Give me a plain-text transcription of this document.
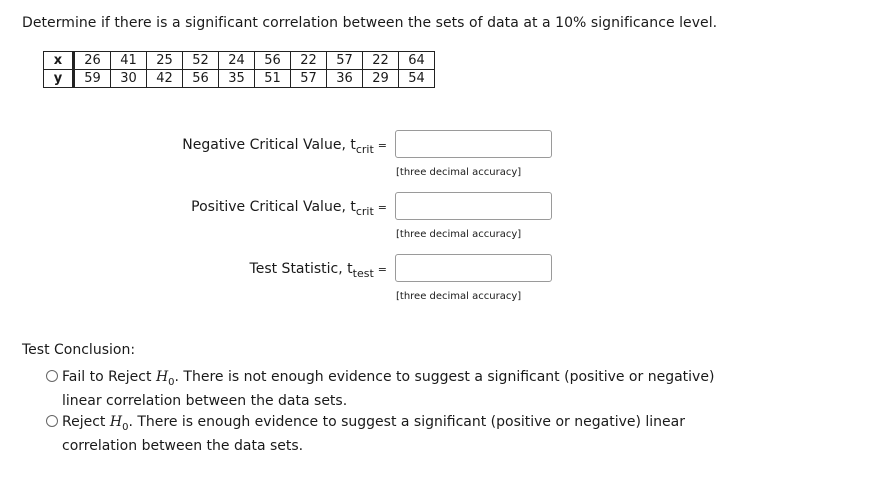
Determine if there is a significant correlation between the sets of data at a 10% significance level.
x	26	41	25	52	24	56	22	57	22	64
y	59	30	42	56	35	51	57	36	29	54
Negative Critical Value, $t_{crit}$ =
[three decimal accuracy]
Positive Critical Value, $t_{crit}$ =
[three decimal accuracy]
Test Statistic, $t_{test}$ =
[three decimal accuracy]
Test Conclusion:
Fail to Reject $H_0$. There is not enough evidence to suggest a significant (positive or negative) linear correlation between the data sets.
Reject $H_0$. There is enough evidence to suggest a significant (positive or negative) linear correlation between the data sets.
